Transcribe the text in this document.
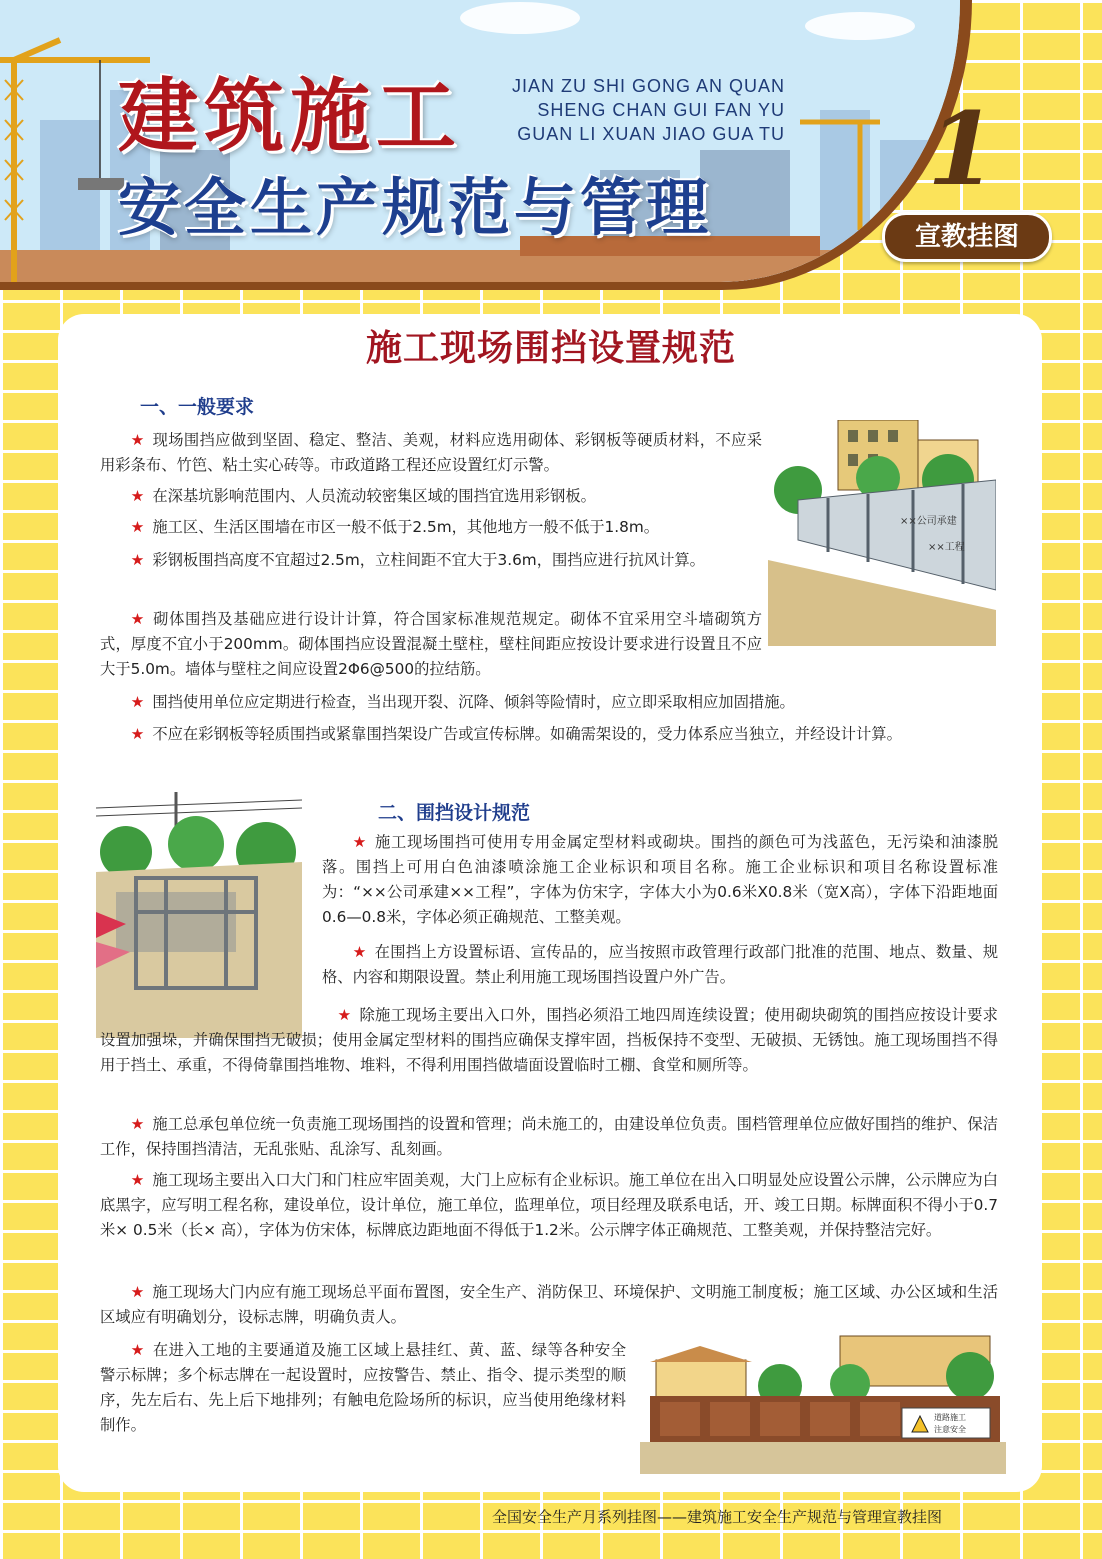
建筑施工	JIAN ZU SHI GONG AN QUAN
SHENG CHAN GUI FAN YU
GUAN LI XUAN JIAO GUA TU
安全生产规范与管理 1
宣教挂图
施工现场围挡设置规范
一、一般要求

★ 现场围挡应做到坚固、稳定、整洁、美观，材料应选用砌体、彩钢板等硬质材料，不应采用彩条布、竹笆、粘土实心砖等。市政道路工程还应设置红灯示警。

★ 在深基坑影响范围内、人员流动较密集区域的围挡宜选用彩钢板。

★ 施工区、生活区围墙在市区一般不低于2.5m，其他地方一般不低于1.8m。

★ 彩钢板围挡高度不宜超过2.5m，立柱间距不宜大于3.6m，围挡应进行抗风计算。

★ 砌体围挡及基础应进行设计计算，符合国家标准规范规定。砌体不宜采用空斗墙砌筑方式，厚度不宜小于200mm。砌体围挡应设置混凝土壁柱，壁柱间距应按设计要求进行设置且不应大于5.0m。墙体与壁柱之间应设置2Φ6@500的拉结筋。

★ 围挡使用单位应定期进行检查，当出现开裂、沉降、倾斜等险情时，应立即采取相应加固措施。

★ 不应在彩钢板等轻质围挡或紧靠围挡架设广告或宣传标牌。如确需架设的，受力体系应当独立，并经设计计算。

××公司承建
××工程
二、围挡设计规范

★ 施工现场围挡可使用专用金属定型材料或砌块。围挡的颜色可为浅蓝色，无污染和油漆脱落。围挡上可用白色油漆喷涂施工企业标识和项目名称。施工企业标识和项目名称设置标准为：“××公司承建××工程”，字体为仿宋字，字体大小为0.6米X0.8米（宽X高），字体下沿距地面0.6—0.8米，字体必须正确规范、工整美观。

★ 在围挡上方设置标语、宣传品的，应当按照市政管理行政部门批准的范围、地点、数量、规格、内容和期限设置。禁止利用施工现场围挡设置户外广告。

★ 除施工现场主要出入口外，围挡必须沿工地四周连续设置；使用砌块砌筑的围挡应按设计要求设置加强垛，并确保围挡无破损；使用金属定型材料的围挡应确保支撑牢固，挡板保持不变型、无破损、无锈蚀。施工现场围挡不得用于挡土、承重，不得倚靠围挡堆物、堆料，不得利用围挡做墙面设置临时工棚、食堂和厕所等。

★ 施工总承包单位统一负责施工现场围挡的设置和管理；尚未施工的，由建设单位负责。围档管理单位应做好围挡的维护、保洁工作，保持围挡清洁，无乱张贴、乱涂写、乱刻画。

★ 施工现场主要出入口大门和门柱应牢固美观，大门上应标有企业标识。施工单位在出入口明显处应设置公示牌，公示牌应为白底黑字，应写明工程名称，建设单位，设计单位，施工单位，监理单位，项目经理及联系电话，开、竣工日期。标牌面积不得小于0.7米× 0.5米（长× 高），字体为仿宋体，标牌底边距地面不得低于1.2米。公示牌字体正确规范、工整美观，并保持整洁完好。

★ 施工现场大门内应有施工现场总平面布置图，安全生产、消防保卫、环境保护、文明施工制度板；施工区域、办公区域和生活区域应有明确划分，设标志牌，明确负责人。

★ 在进入工地的主要通道及施工区域上悬挂红、黄、蓝、绿等各种安全警示标牌；多个标志牌在一起设置时，应按警告、禁止、指令、提示类型的顺序，先左后右、先上后下地排列；有触电危险场所的标识，应当使用绝缘材料制作。	道路施工
注意安全
全国安全生产月系列挂图——建筑施工安全生产规范与管理宣教挂图
